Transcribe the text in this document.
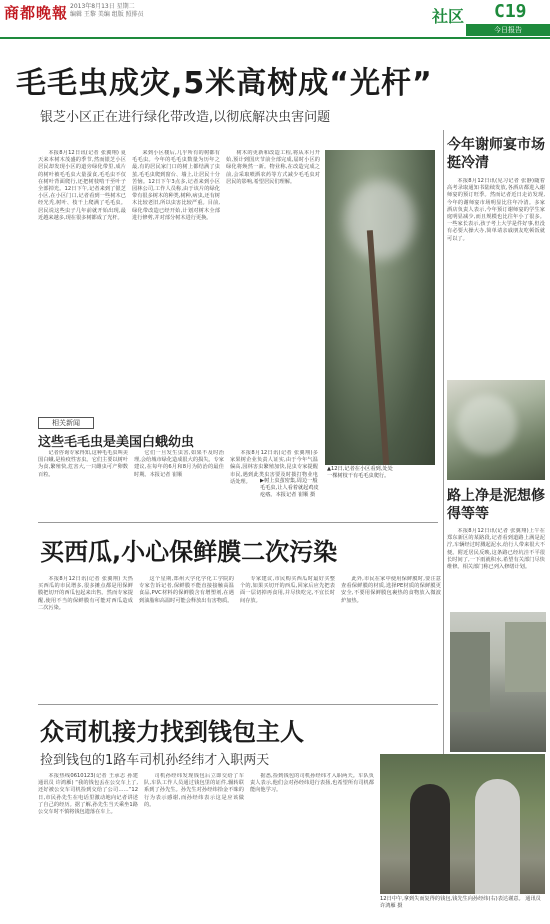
商都晚報 2013年8月13日 星期二
编辑 王黎 美编 组版 照排员	社区 C19
今日报告
毛毛虫成灾,5米高树成“光杆”
银芝小区正在进行绿化带改造,以彻底解决虫害问题

本报8月12日讯(记者 张翼翔) 夏天来本树木茂盛的季节,然而银芝小区居民却发现小区的道旁绿化带里,成片的树叶被毛毛虫大量蚕食,毛毛虫不仅在树叶背面爬行,还把树枝啃干至叶子全部掉光。12日下午,记者来到了银芝小区,在小区门口,记者看到一些树木已经光秃,树叶、枝干上爬满了毛毛虫。居民说这些虫子几年前就开始出现,最近越来越多,现在很多树都成了光杆。

来到小区楼后,几乎所有的树都有毛毛虫。今年的毛毛虫数量为历年之最,有的居民家门口的树上都结满了虫茧,毛毛虫爬到窗台、墙上,让居民十分苦恼。12日下午3点多,记者来到小区园林公司,工作人员称,由于该片的绿化带有很多树木的种类,树种,病虫,还有树木比较老旧,所以虫害比较严重。目前,绿化带改造已经开始,计划对树木全部进行修剪,并对部分树木进行更换。

树木的更新和改造工程,将从本月开始,预计到国庆节前全部完成,届时小区的绿化将焕然一新。物业称,在改造完成之前,会采取喷洒农药等方式减少毛毛虫对居民的影响,希望居民们理解。

▲12日,记者在小区看到,处处一棵树枝干有毛毛虫爬行。
▶树上虫茧密集,周边一般毛毛虫,让人看着就起鸡皮疙瘩。本报记者 崔顺 摄
相关新闻
这些毛毛虫是美国白蛾幼虫

记者咨询专家得知,这种毛毛虫叫美国白蛾,是检疫性害虫。它们主要以树叶为食,繁殖快,危害大,一只雌虫可产卵数百粒。

它们一旦发生虫害,如果不及时治理,会给城市绿化造成很大的损失。专家建议,在每年的6月和8月为防治的最佳时期。本报记者 崔顺

本报8月12日讯(记者 张翼翔)多家果树企业负责人证实,由于今年气温偏高,园林害虫繁殖加快,昆虫专家提醒市民,遇到此类虫害要及时拨打物业电话处理。

今年谢师宴市场挺冷清

本报8月12日讯(见习记者 张静)随着高考录取通知书陆续发放,各酒店都进入谢师宴的预订旺季。然而记者近日走访发现,今年的谢师宴市场明显比往年冷清。多家酒店负责人表示,今年预订谢师宴的学生家庭明显减少,而且规模也比往年小了很多。一些家长表示,孩子考上大学是件好事,但没有必要大操大办,简单请亲戚朋友吃顿饭就可以了。

路上净是泥想修得等等

本报8月12日讯(记者 张翼翔)上午在郑东新区的某路段,记者看到道路上满是泥泞,车辆经过时溅起泥水,给行人带来很大不便。附近居民反映,这条路已经坑洼不平很长时间了,一下雨就积水,希望有关部门尽快维修。相关部门称已列入修缮计划。

买西瓜,小心保鲜膜二次污染

本报8月12日讯(记者 张翼翔) 天热买西瓜的市民增多,很多摊点都是用保鲜膜把切开的西瓜包起来出售。然而专家提醒,使用不当的保鲜膜有可能对西瓜造成二次污染。

这个星期,郑州大学化学化工学院的专家告诉记者,保鲜膜不能直接接触高温食品,PVC材料的保鲜膜含有增塑剂,在遇到油脂和高温时可能会释放出有害物质。

专家建议,市民购买西瓜时最好买整个的,如果买切开的西瓜,回家后应先把表面一层切掉再食用,并尽快吃完,不宜长时间存放。

此外,市民在家中使用保鲜膜时,要注意查看保鲜膜的材质,选择PE材质的保鲜膜更安全,不要用保鲜膜包裹热的食物放入微波炉加热。

众司机接力找到钱包主人
捡到钱包的1路车司机孙经纬才入职两天

本报热线0610123(记者 王承志 孙建 通讯员 许鸿雁) “我的钱包丢在公交车上了,还好被公交车司机捡到交给了公司……”12日,市民孙先生在电话里激动地向记者讲述了自己的经历。据了解,孙先生当天乘坐1路公交车时不慎将钱包遗落在车上。

司机孙经纬发现钱包后立即交给了车队,车队工作人员通过钱包里的证件,辗转联系到了孙先生。孙先生对孙经纬拾金不昧的行为表示感谢,而孙经纬表示这是应该做的。

据悉,捡到钱包的司机孙经纬才入职两天。车队负责人表示,他们会对孙经纬进行表扬,也希望所有司机都能向他学习。

12日中午,拿到失而复得的钱包,钱先生向孙经纬(右)表达谢意。 通讯员 许鸿雁 摄
